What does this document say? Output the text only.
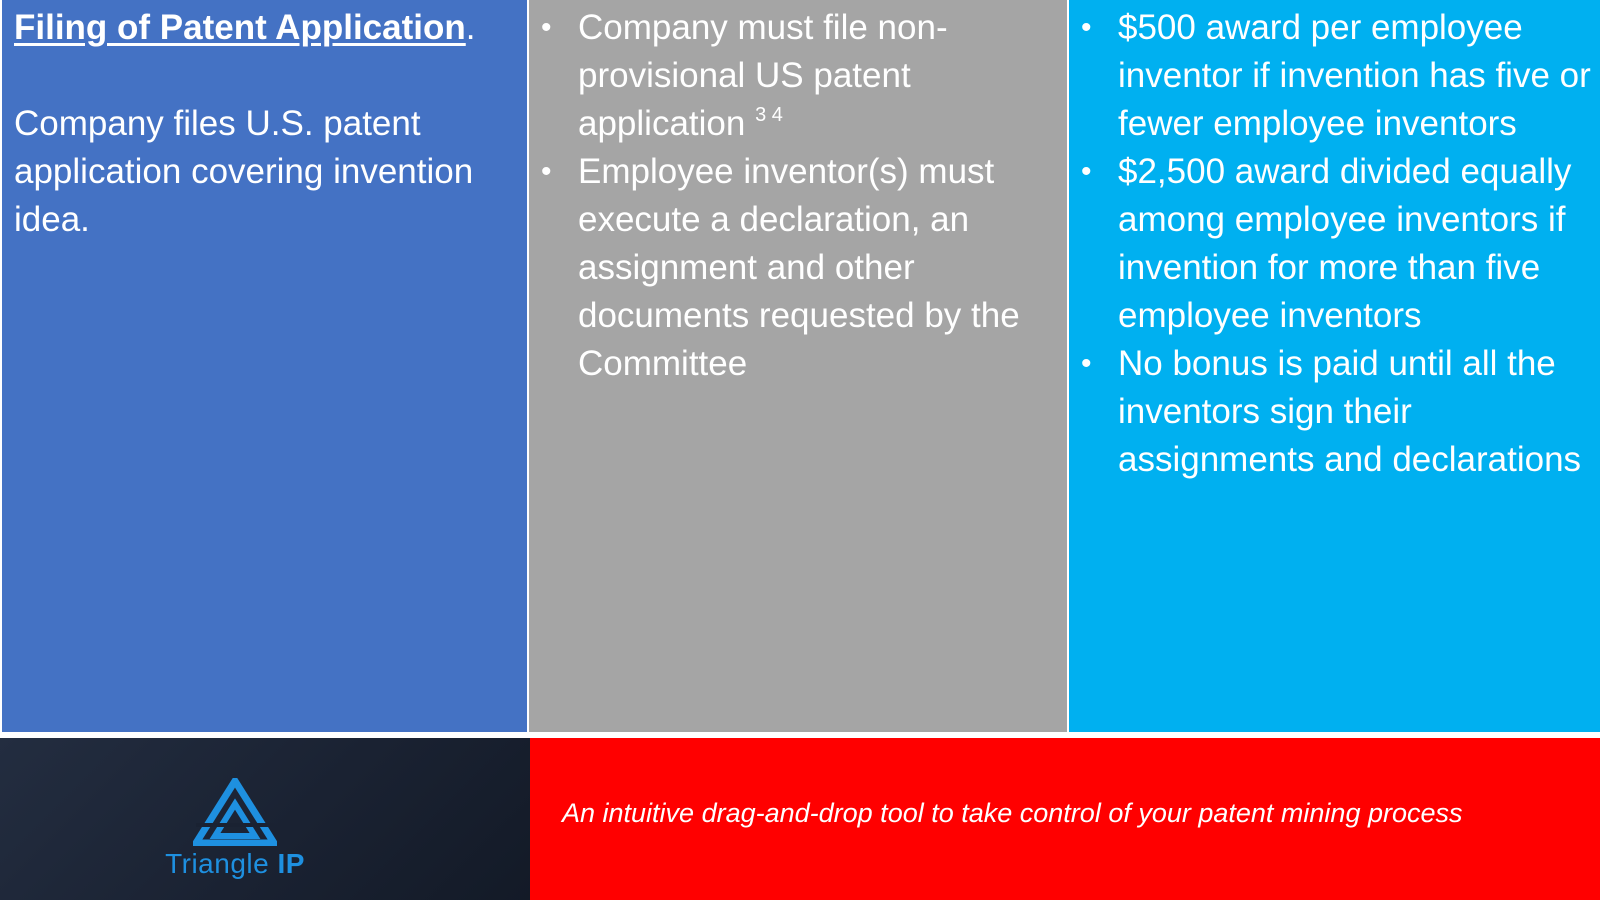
Filing of Patent Application.
Company files U.S. patent application covering invention idea.
• Company must file non-provisional US patent application $^{3 4}$
• Employee inventor(s) must execute a declaration, an assignment and other documents requested by the Committee
• $500 award per employee inventor if invention has five or fewer employee inventors
• $2,500 award divided equally among employee inventors if invention for more than five employee inventors
• No bonus is paid until all the inventors sign their assignments and declarations
Triangle IP
An intuitive drag-and-drop tool to take control of your patent mining process
